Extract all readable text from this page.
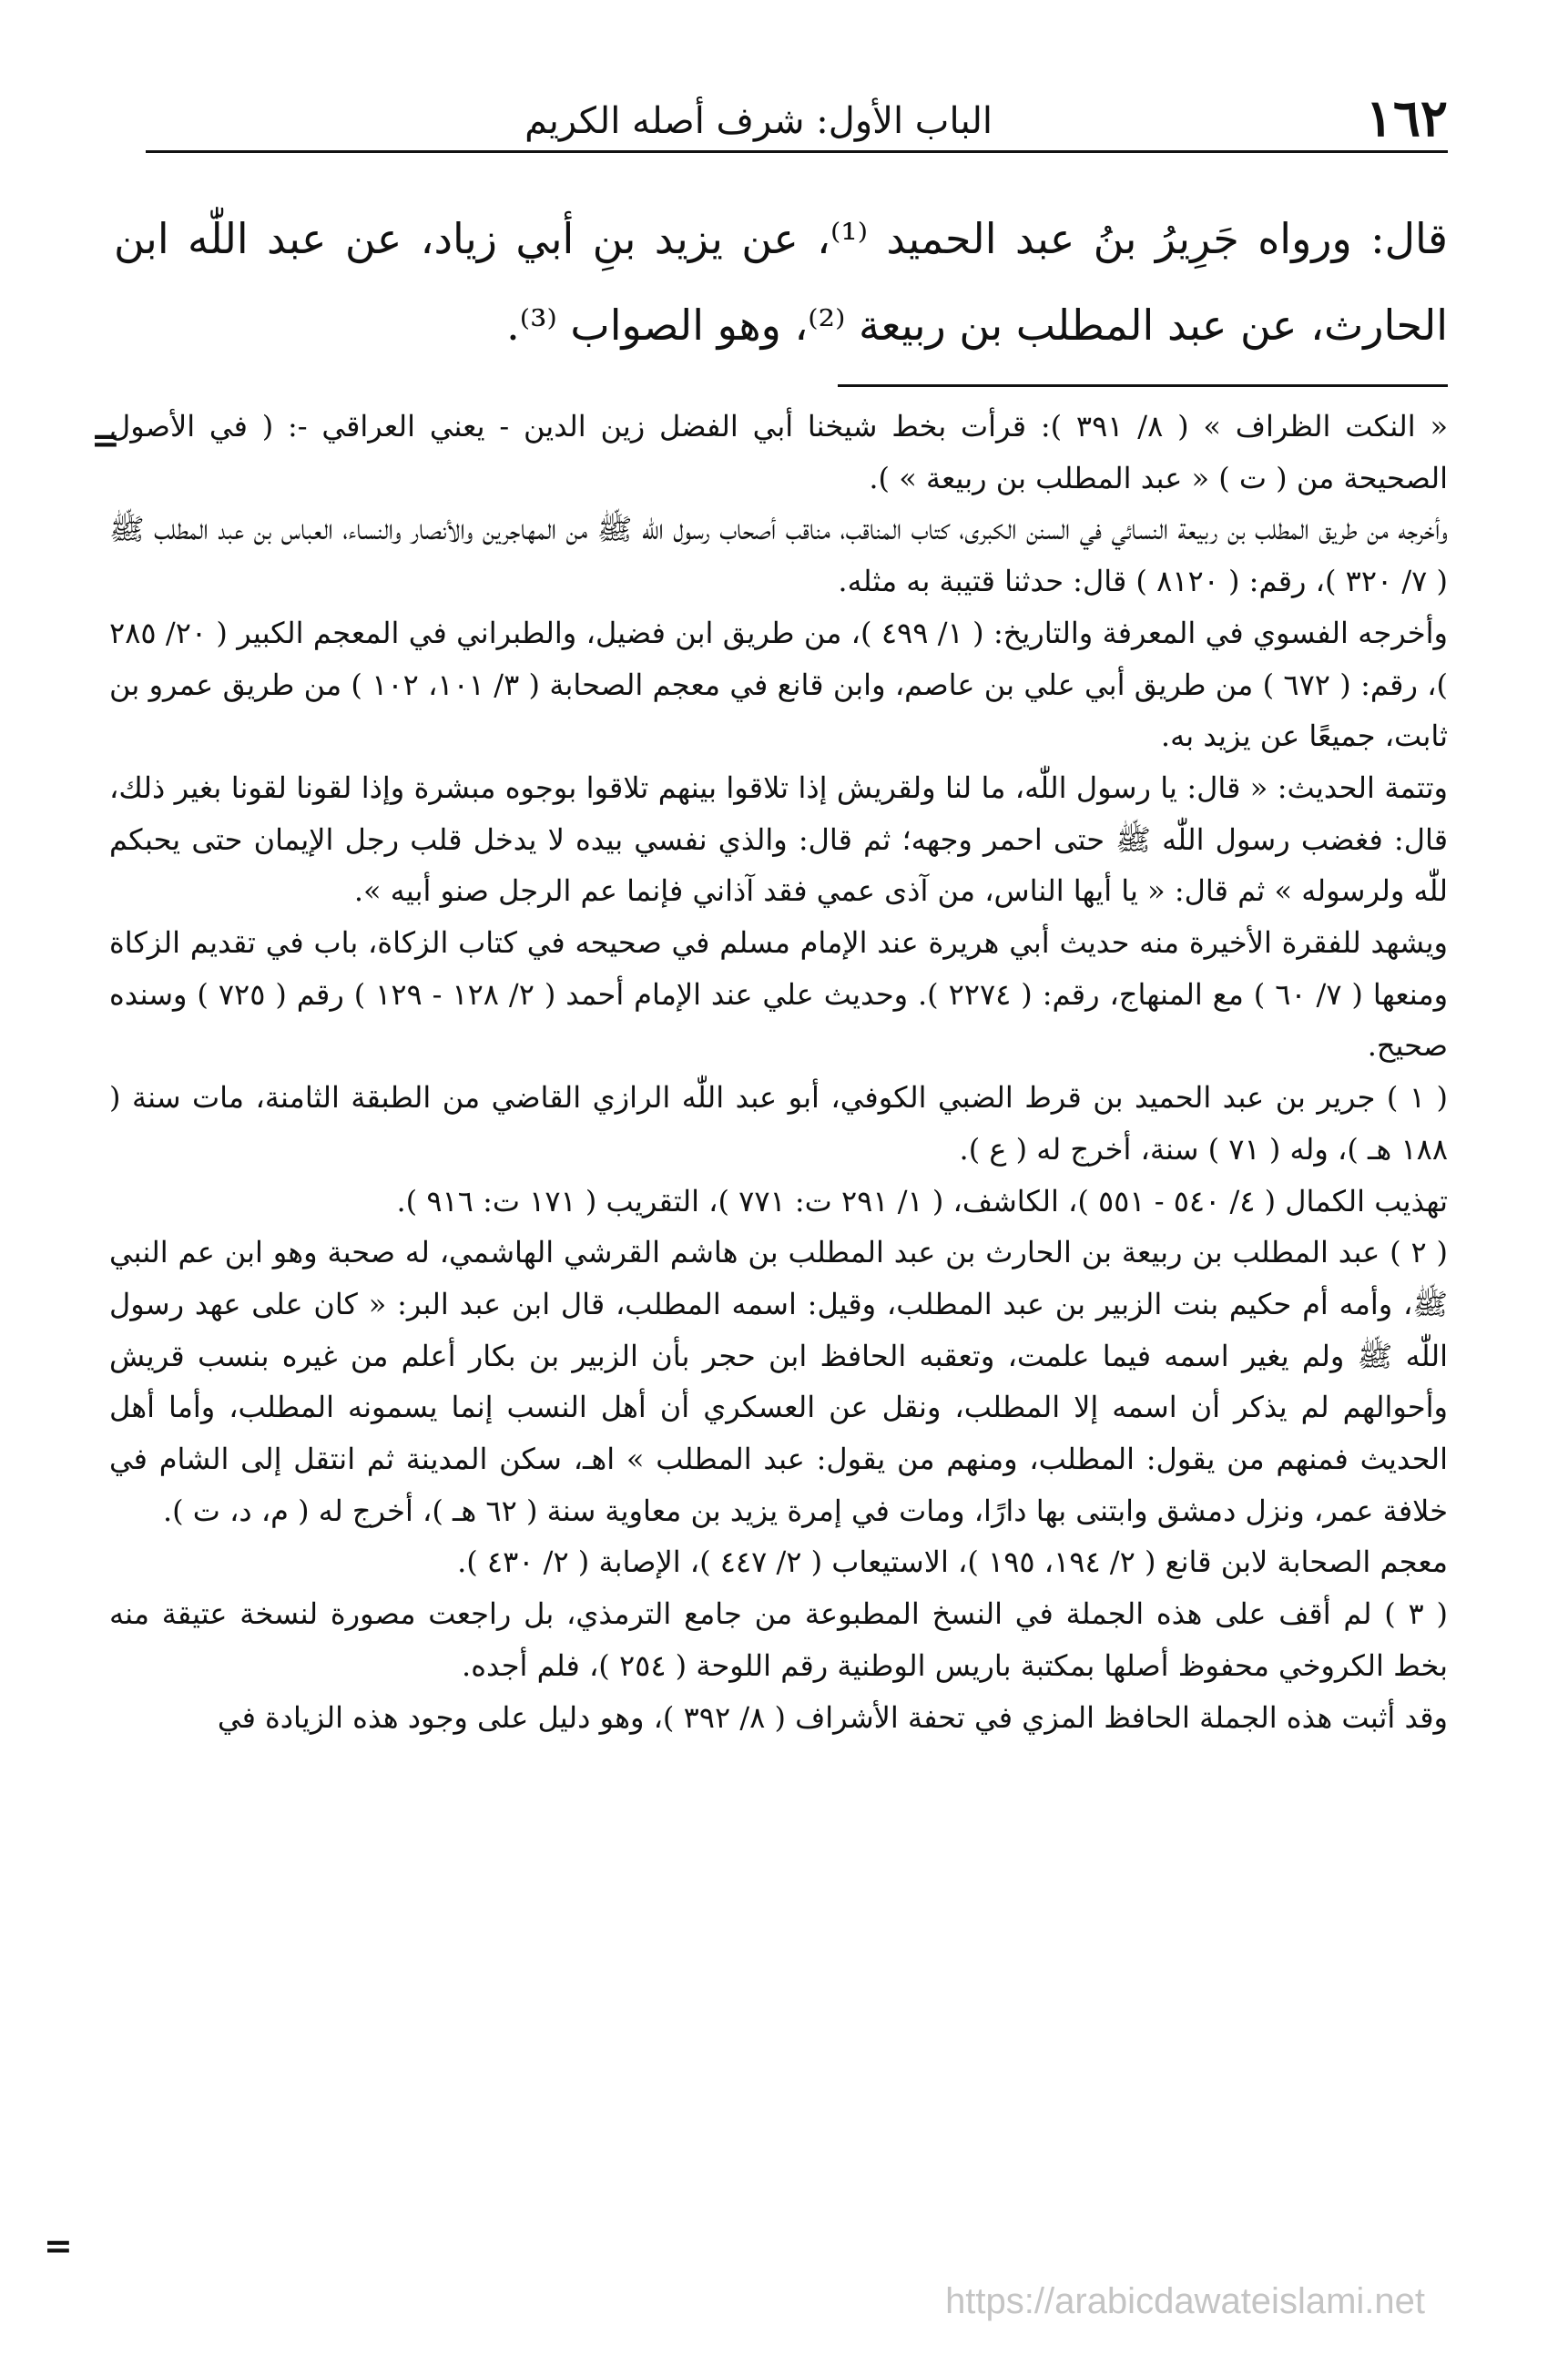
١٦٢
الباب الأول: شرف أصله الكريم

قال: ورواه جَرِيرُ بنُ عبد الحميد ⁽¹⁾، عن يزيد بنِ أبي زياد، عن عبد اللّٰه ابن الحارث، عن عبد المطلب بن ربيعة ⁽²⁾، وهو الصواب ⁽³⁾.

=

« النكت الظراف » ( ٨/ ٣٩١ ): قرأت بخط شيخنا أبي الفضل زين الدين - يعني العراقي -: ( في الأصول الصحيحة من ( ت ) « عبد المطلب بن ربيعة » ).

وأخرجه من طريق المطلب بن ربيعة النسائي في السنن الكبرى، كتاب المناقب، مناقب أصحاب رسول اللّٰه ﷺ من المهاجرين والأنصار والنساء، العباس بن عبد المطلب ﷺ ( ٧/ ٣٢٠ )، رقم: ( ٨١٢٠ ) قال: حدثنا قتيبة به مثله.

وأخرجه الفسوي في المعرفة والتاريخ: ( ١/ ٤٩٩ )، من طريق ابن فضيل، والطبراني في المعجم الكبير ( ٢٠/ ٢٨٥ )، رقم: ( ٦٧٢ ) من طريق أبي علي بن عاصم، وابن قانع في معجم الصحابة ( ٣/ ١٠١، ١٠٢ ) من طريق عمرو بن ثابت، جميعًا عن يزيد به.

وتتمة الحديث: « قال: يا رسول اللّٰه، ما لنا ولقريش إذا تلاقوا بينهم تلاقوا بوجوه مبشرة وإذا لقونا لقونا بغير ذلك، قال: فغضب رسول اللّٰه ﷺ حتى احمر وجهه؛ ثم قال: والذي نفسي بيده لا يدخل قلب رجل الإيمان حتى يحبكم للّٰه ولرسوله » ثم قال: « يا أيها الناس، من آذى عمي فقد آذاني فإنما عم الرجل صنو أبيه ».

ويشهد للفقرة الأخيرة منه حديث أبي هريرة عند الإمام مسلم في صحيحه في كتاب الزكاة، باب في تقديم الزكاة ومنعها ( ٧/ ٦٠ ) مع المنهاج، رقم: ( ٢٢٧٤ ). وحديث علي عند الإمام أحمد ( ٢/ ١٢٨ - ١٢٩ ) رقم ( ٧٢٥ ) وسنده صحيح.

( ١ ) جرير بن عبد الحميد بن قرط الضبي الكوفي، أبو عبد اللّٰه الرازي القاضي من الطبقة الثامنة، مات سنة ( ١٨٨ هـ )، وله ( ٧١ ) سنة، أخرج له ( ع ).

تهذيب الكمال ( ٤/ ٥٤٠ - ٥٥١ )، الكاشف، ( ١/ ٢٩١ ت: ٧٧١ )، التقريب ( ١٧١ ت: ٩١٦ ).

( ٢ ) عبد المطلب بن ربيعة بن الحارث بن عبد المطلب بن هاشم القرشي الهاشمي، له صحبة وهو ابن عم النبي ﷺ، وأمه أم حكيم بنت الزبير بن عبد المطلب، وقيل: اسمه المطلب، قال ابن عبد البر: « كان على عهد رسول اللّٰه ﷺ ولم يغير اسمه فيما علمت، وتعقبه الحافظ ابن حجر بأن الزبير بن بكار أعلم من غيره بنسب قريش وأحوالهم لم يذكر أن اسمه إلا المطلب، ونقل عن العسكري أن أهل النسب إنما يسمونه المطلب، وأما أهل الحديث فمنهم من يقول: المطلب، ومنهم من يقول: عبد المطلب » اهـ، سكن المدينة ثم انتقل إلى الشام في خلافة عمر، ونزل دمشق وابتنى بها دارًا، ومات في إمرة يزيد بن معاوية سنة ( ٦٢ هـ )، أخرج له ( م، د، ت ).

معجم الصحابة لابن قانع ( ٢/ ١٩٤، ١٩٥ )، الاستيعاب ( ٢/ ٤٤٧ )، الإصابة ( ٢/ ٤٣٠ ).

( ٣ ) لم أقف على هذه الجملة في النسخ المطبوعة من جامع الترمذي، بل راجعت مصورة لنسخة عتيقة منه بخط الكروخي محفوظ أصلها بمكتبة باريس الوطنية رقم اللوحة ( ٢٥٤ )، فلم أجده.

وقد أثبت هذه الجملة الحافظ المزي في تحفة الأشراف ( ٨/ ٣٩٢ )، وهو دليل على وجود هذه الزيادة في

=
https://arabicdawateislami.net
